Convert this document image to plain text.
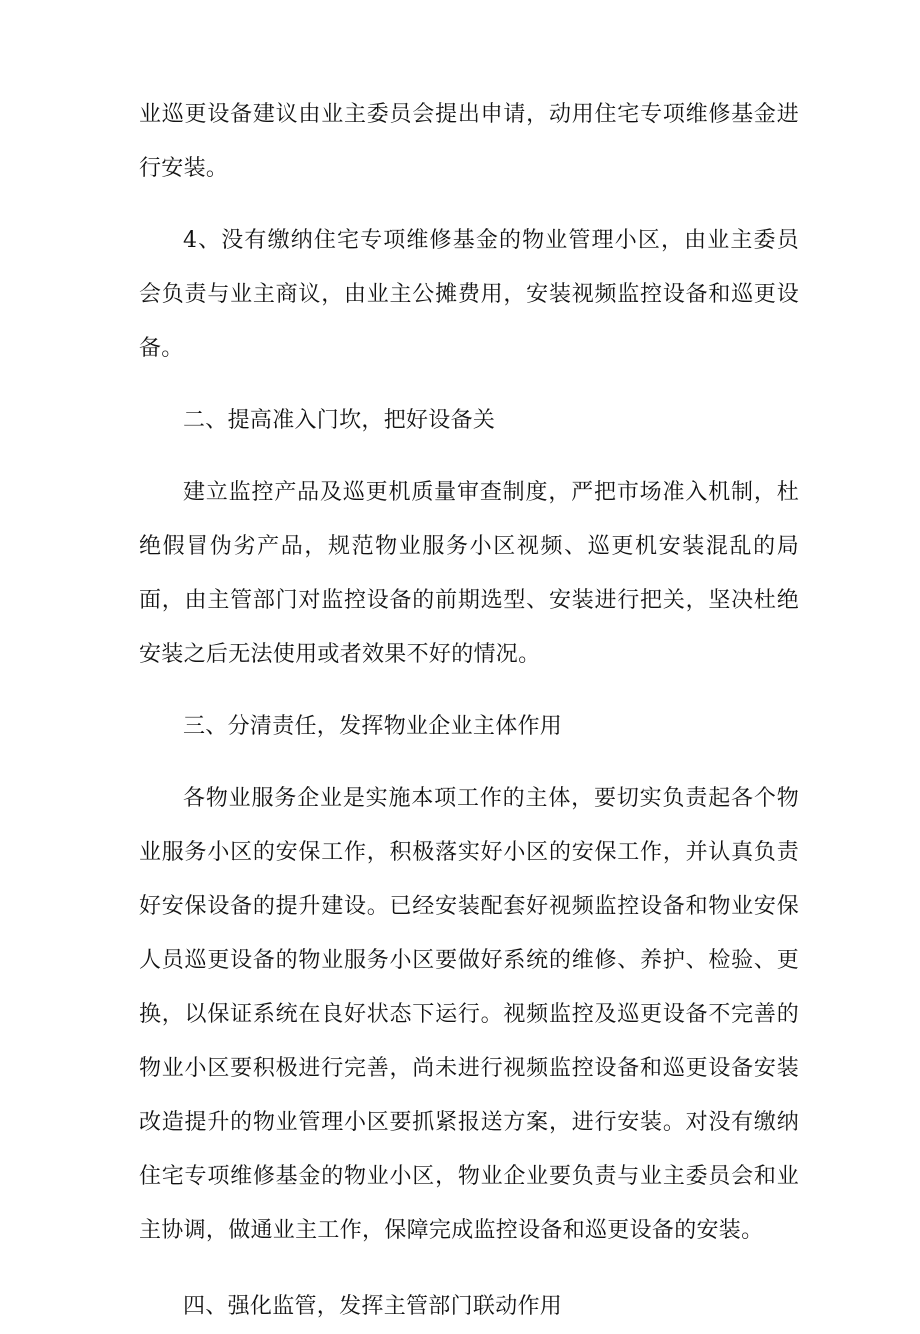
业巡更设备建议由业主委员会提出申请，动用住宅专项维修基金进行安装。

4、没有缴纳住宅专项维修基金的物业管理小区，由业主委员会负责与业主商议，由业主公摊费用，安装视频监控设备和巡更设备。

二、提高准入门坎，把好设备关

建立监控产品及巡更机质量审查制度，严把市场准入机制，杜绝假冒伪劣产品，规范物业服务小区视频、巡更机安装混乱的局面，由主管部门对监控设备的前期选型、安装进行把关，坚决杜绝安装之后无法使用或者效果不好的情况。

三、分清责任，发挥物业企业主体作用

各物业服务企业是实施本项工作的主体，要切实负责起各个物业服务小区的安保工作，积极落实好小区的安保工作，并认真负责好安保设备的提升建设。已经安装配套好视频监控设备和物业安保人员巡更设备的物业服务小区要做好系统的维修、养护、检验、更换，以保证系统在良好状态下运行。视频监控及巡更设备不完善的物业小区要积极进行完善，尚未进行视频监控设备和巡更设备安装改造提升的物业管理小区要抓紧报送方案，进行安装。对没有缴纳住宅专项维修基金的物业小区，物业企业要负责与业主委员会和业主协调，做通业主工作，保障完成监控设备和巡更设备的安装。

四、强化监管，发挥主管部门联动作用
